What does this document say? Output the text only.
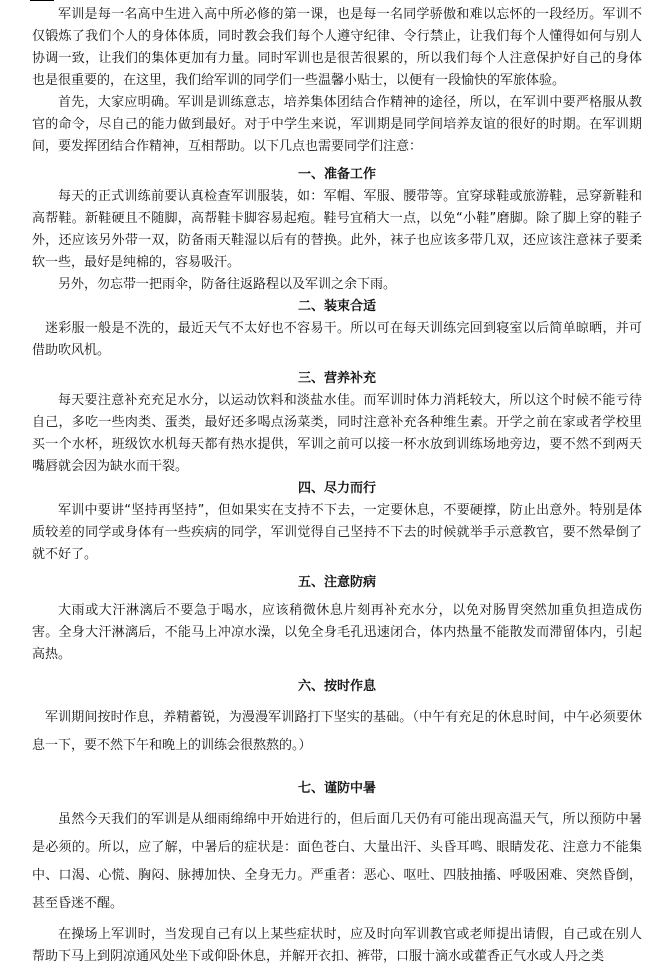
军训是每一名高中生进入高中所必修的第一课，也是每一名同学骄傲和难以忘怀的一段经历。军训不仅锻炼了我们个人的身体体质，同时教会我们每个人遵守纪律、令行禁止，让我们每个人懂得如何与别人协调一致，让我们的集体更加有力量。同时军训也是很苦很累的，所以我们每个人注意保护好自己的身体也是很重要的，在这里，我们给军训的同学们一些温馨小贴士，以便有一段愉快的军旅体验。

首先，大家应明确。军训是训练意志，培养集体团结合作精神的途径，所以，在军训中要严格服从教官的命令，尽自己的能力做到最好。对于中学生来说，军训期是同学间培养友谊的很好的时期。在军训期间，要发挥团结合作精神，互相帮助。以下几点也需要同学们注意：

一、准备工作

每天的正式训练前要认真检查军训服装，如：军帽、军服、腰带等。宜穿球鞋或旅游鞋，忌穿新鞋和高帮鞋。新鞋硬且不随脚，高帮鞋卡脚容易起疱。鞋号宜稍大一点，以免“小鞋”磨脚。除了脚上穿的鞋子外，还应该另外带一双，防备雨天鞋湿以后有的替换。此外，袜子也应该多带几双，还应该注意袜子要柔软一些，最好是纯棉的，容易吸汗。

另外，勿忘带一把雨伞，防备往返路程以及军训之余下雨。

二、装束合适

迷彩服一般是不洗的，最近天气不太好也不容易干。所以可在每天训练完回到寝室以后简单晾晒，并可借助吹风机。

三、营养补充

每天要注意补充充足水分，以运动饮料和淡盐水佳。而军训时体力消耗较大，所以这个时候不能亏待自己，多吃一些肉类、蛋类，最好还多喝点汤菜类，同时注意补充各种维生素。开学之前在家或者学校里买一个水杯，班级饮水机每天都有热水提供，军训之前可以接一杯水放到训练场地旁边，要不然不到两天嘴唇就会因为缺水而干裂。

四、尽力而行

军训中要讲“坚持再坚持”，但如果实在支持不下去，一定要休息，不要硬撑，防止出意外。特别是体质较差的同学或身体有一些疾病的同学，军训觉得自己坚持不下去的时候就举手示意教官，要不然晕倒了就不好了。

五、注意防病

大雨或大汗淋漓后不要急于喝水，应该稍微休息片刻再补充水分，以免对肠胃突然加重负担造成伤害。全身大汗淋漓后，不能马上冲凉水澡，以免全身毛孔迅速闭合，体内热量不能散发而滞留体内，引起高热。

六、按时作息

军训期间按时作息，养精蓄锐，为漫漫军训路打下坚实的基础。（中午有充足的休息时间，中午必须要休息一下，要不然下午和晚上的训练会很熬熬的。）

七、谨防中暑

虽然今天我们的军训是从细雨绵绵中开始进行的，但后面几天仍有可能出现高温天气，所以预防中暑是必须的。所以，应了解，中暑后的症状是：面色苍白、大量出汗、头昏耳鸣、眼睛发花、注意力不能集中、口渴、心慌、胸闷、脉搏加快、全身无力。严重者：恶心、呕吐、四肢抽搐、呼吸困难、突然昏倒，甚至昏迷不醒。

在操场上军训时，当发现自己有以上某些症状时，应及时向军训教官或老师提出请假，自己或在别人帮助下马上到阴凉通风处坐下或仰卧休息，并解开衣扣、裤带，口服十滴水或藿香正气水或人丹之类
